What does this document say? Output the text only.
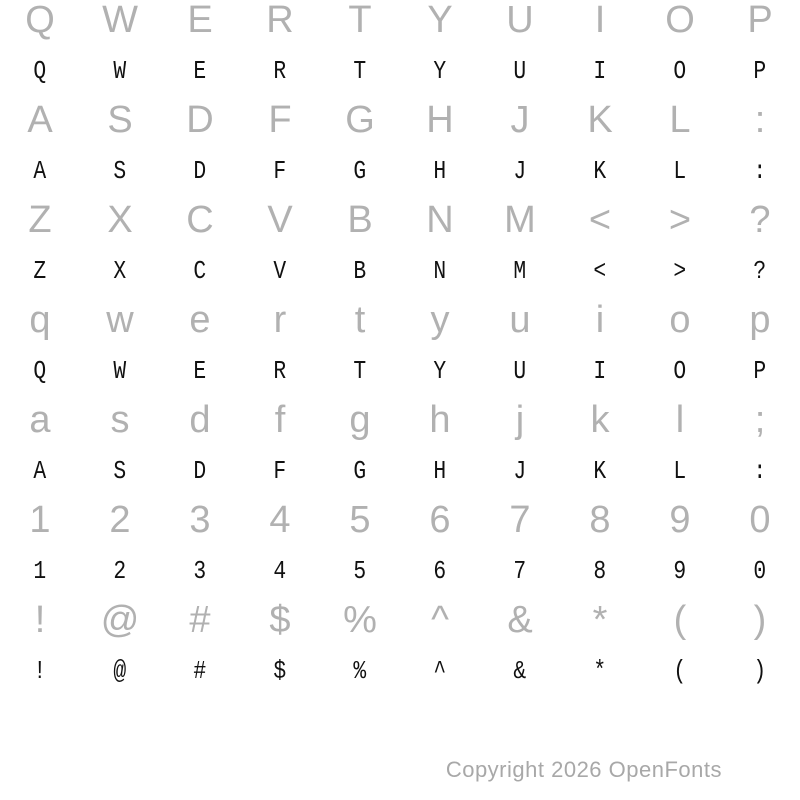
Q W E R T Y U I O P
Q	W	E	R	T	Y	U	I	O	P
A S D F G H J K L :
A	S	D	F	G	H	J	K	L	:
Z X C V B N M < > ?
Z	X	C	V	B	N	M	<	>	?
q w e r t y u i o p
Q	W	E	R	T	Y	U	I	O	P
a s d f g h j k l ;
A	S	D	F	G	H	J	K	L	:
1 2 3 4 5 6 7 8 9 0
1	2	3	4	5	6	7	8	9	0
! @ # $ % ^ & * ( )
!	@	#	$	%	^	&	*	(	)
Copyright 2026 OpenFonts
